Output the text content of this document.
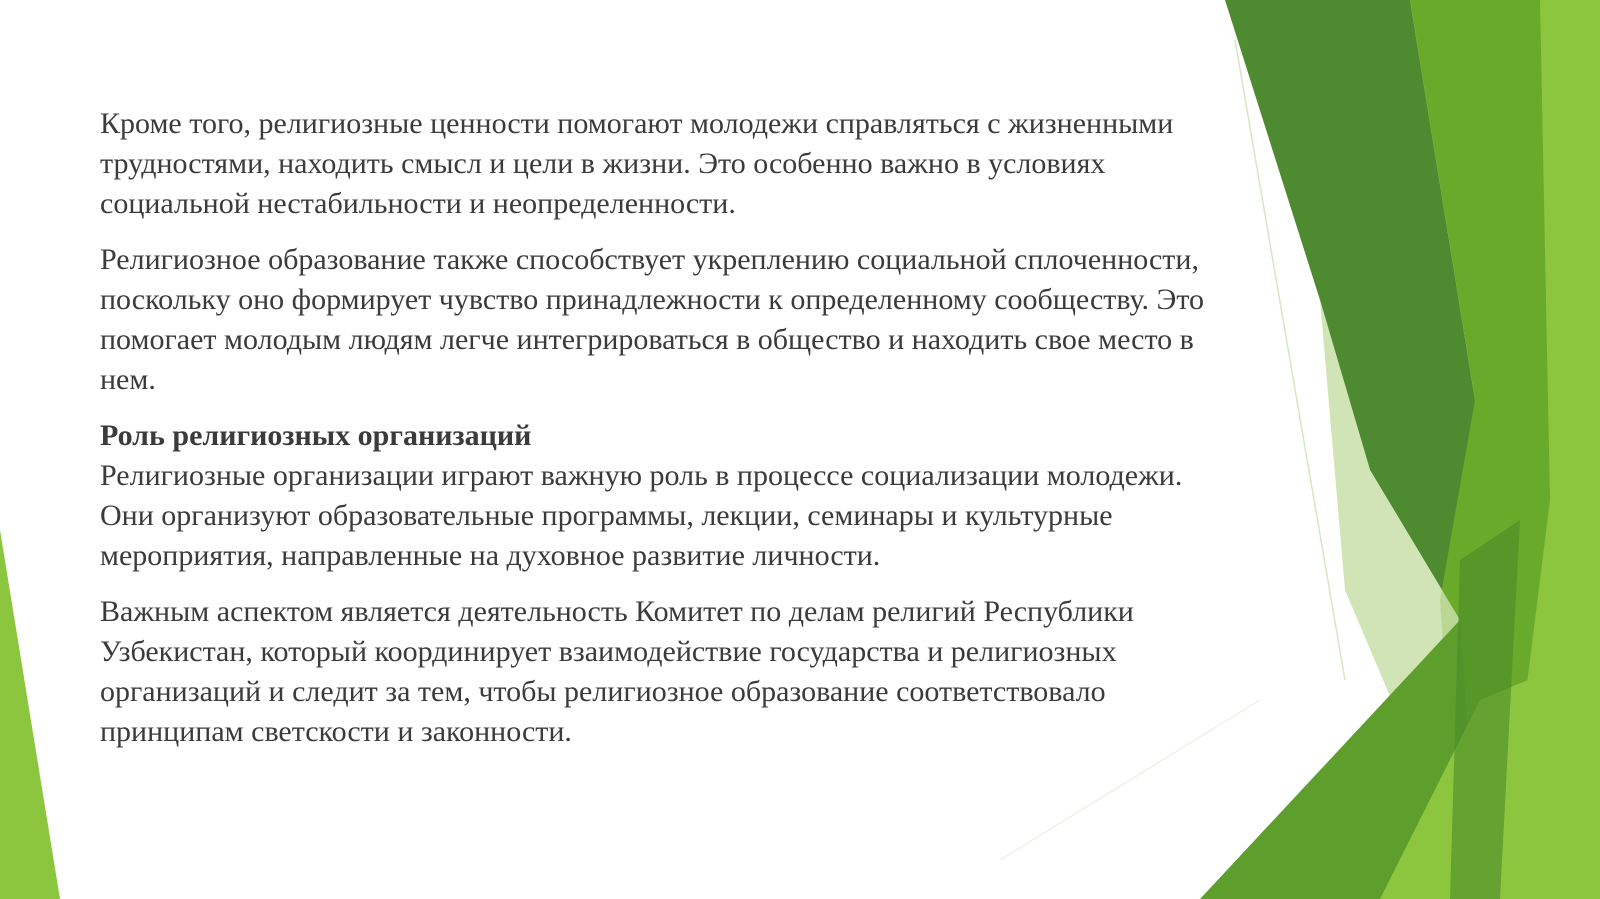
Кроме того, религиозные ценности помогают молодежи справляться с жизненными трудностями, находить смысл и цели в жизни. Это особенно важно в условиях социальной нестабильности и неопределенности.

Религиозное образование также способствует укреплению социальной сплоченности, поскольку оно формирует чувство принадлежности к определенному сообществу. Это помогает молодым людям легче интегрироваться в общество и находить свое место в нем.

Роль религиозных организаций
Религиозные организации играют важную роль в процессе социализации молодежи. Они организуют образовательные программы, лекции, семинары и культурные мероприятия, направленные на духовное развитие личности.

Важным аспектом является деятельность Комитет по делам религий Республики Узбекистан, который координирует взаимодействие государства и религиозных организаций и следит за тем, чтобы религиозное образование соответствовало принципам светскости и законности.
